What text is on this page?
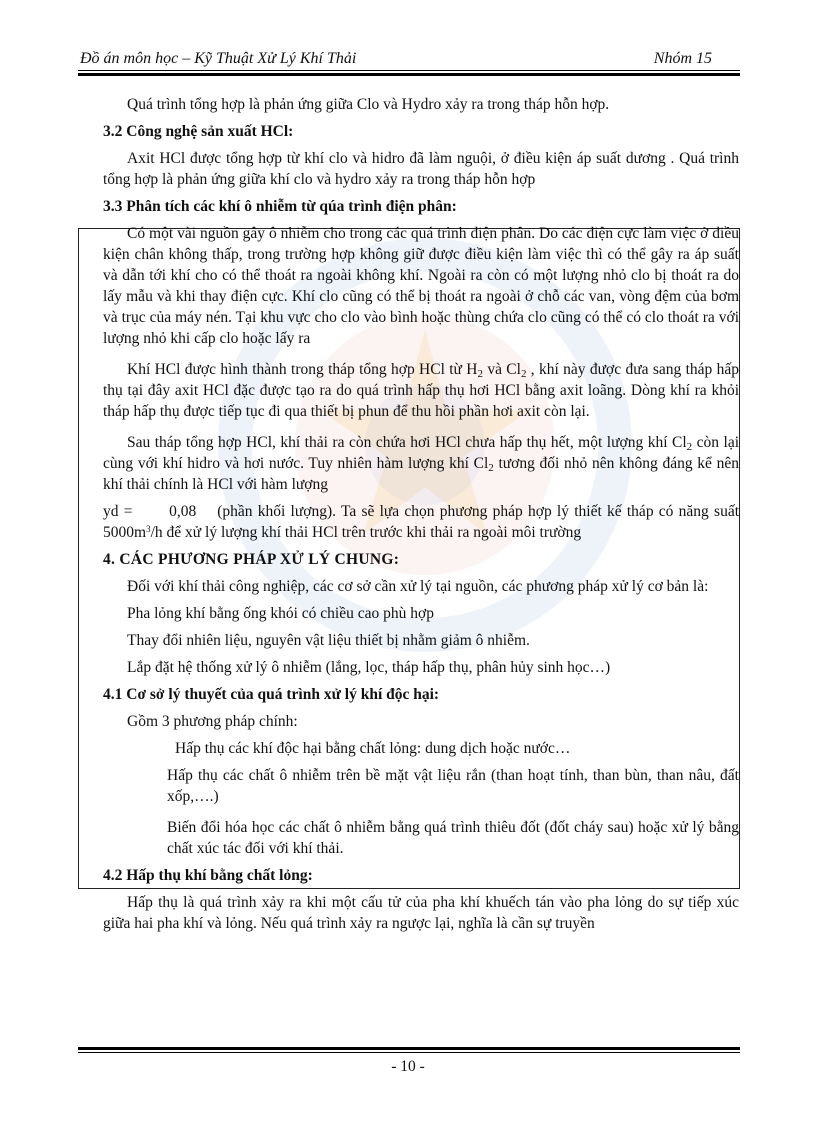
Đồ án môn học – Kỹ Thuật Xử Lý Khí Thải	Nhóm 15

Quá trình tổng hợp là phản ứng giữa Clo và Hydro xảy ra trong tháp hỗn hợp.

3.2 Công nghệ sản xuất HCl:

Axit HCl được tổng hợp từ khí clo và hidro đã làm nguội, ở điều kiện áp suất dương . Quá trình tổng hợp là phản ứng giữa khí clo và hydro xảy ra trong tháp hỗn hợp

3.3 Phân tích các khí ô nhiễm từ qúa trình điện phân:

Có một vài nguồn gây ô nhiễm cho trong các quá trình điện phân. Do các điện cực làm việc ở điều kiện chân không thấp, trong trường hợp không giữ được điều kiện làm việc thì có thể gây ra áp suất và dẫn tới khí cho có thể thoát ra ngoài không khí. Ngoài ra còn có một lượng nhỏ clo bị thoát ra do lấy mẫu và khi thay điện cực. Khí clo cũng có thể bị thoát ra ngoài ở chỗ các van, vòng đệm của bơm và trục của máy nén. Tại khu vực cho clo vào bình hoặc thùng chứa clo cũng có thể có clo thoát ra với lượng nhỏ khi cấp clo hoặc lấy ra

Khí HCl được hình thành trong tháp tổng hợp HCl từ $H_2$ và $Cl_2$ , khí này được đưa sang tháp hấp thụ tại đây axit HCl đặc được tạo ra do quá trình hấp thụ hơi HCl bằng axit loãng. Dòng khí ra khỏi tháp hấp thụ được tiếp tục đi qua thiết bị phun để thu hồi phần hơi axit còn lại.

Sau tháp tổng hợp HCl, khí thải ra còn chứa hơi HCl chưa hấp thụ hết, một lượng khí $Cl_2$ còn lại cùng với khí hidro và hơi nước. Tuy nhiên hàm lượng khí $Cl_2$ tương đối nhỏ nên không đáng kể nên khí thải chính là HCl với hàm lượng

yd = 0,08 (phần khối lượng). Ta sẽ lựa chọn phương pháp hợp lý thiết kế tháp có năng suất $5000m^3/h$ để xử lý lượng khí thải HCl trên trước khi thải ra ngoài môi trường

4. CÁC PHƯƠNG PHÁP XỬ LÝ CHUNG:

Đối với khí thải công nghiệp, các cơ sở cần xử lý tại nguồn, các phương pháp xử lý cơ bản là:

Pha lỏng khí bằng ống khói có chiều cao phù hợp

Thay đổi nhiên liệu, nguyên vật liệu thiết bị nhằm giảm ô nhiễm.

Lắp đặt hệ thống xử lý ô nhiễm (lắng, lọc, tháp hấp thụ, phân hủy sinh học…)

4.1 Cơ sở lý thuyết của quá trình xử lý khí độc hại:

Gồm 3 phương pháp chính:

Hấp thụ các khí độc hại bằng chất lỏng: dung dịch hoặc nước…

Hấp thụ các chất ô nhiễm trên bề mặt vật liệu rắn (than hoạt tính, than bùn, than nâu, đất xốp,….)

Biến đổi hóa học các chất ô nhiễm bằng quá trình thiêu đốt (đốt cháy sau) hoặc xử lý bằng chất xúc tác đối với khí thải.

4.2 Hấp thụ khí bằng chất lỏng:

Hấp thụ là quá trình xảy ra khi một cấu tử của pha khí khuếch tán vào pha lỏng do sự tiếp xúc giữa hai pha khí và lỏng. Nếu quá trình xảy ra ngược lại, nghĩa là cần sự truyền

- 10 -
